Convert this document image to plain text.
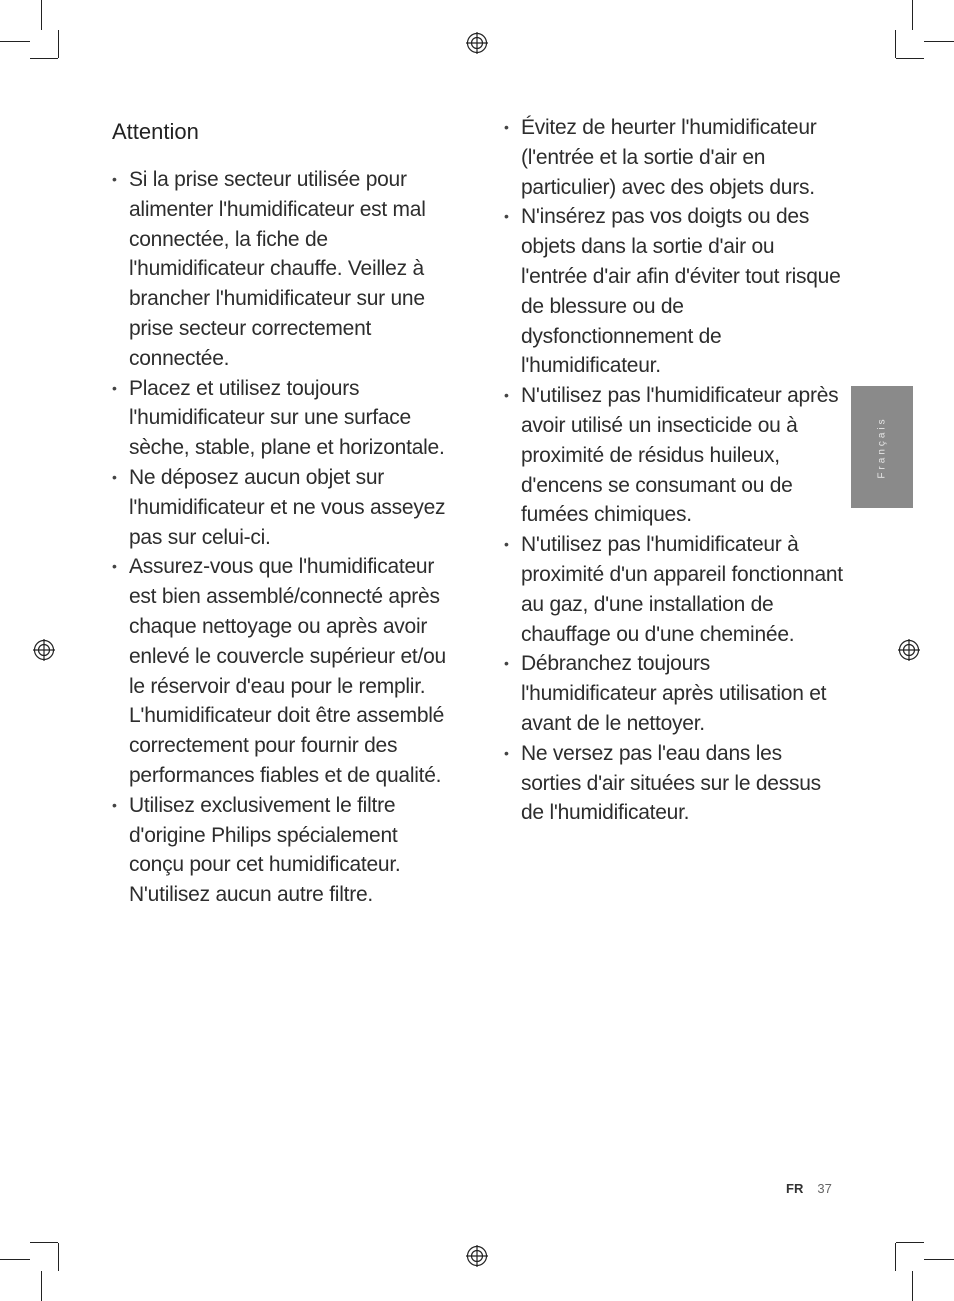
Attention
• Si la prise secteur utilisée pour alimenter l'humidificateur est mal connectée, la fiche de l'humidificateur chauffe. Veillez à brancher l'humidificateur sur une prise secteur correctement connectée.
• Placez et utilisez toujours l'humidificateur sur une surface sèche, stable, plane et horizontale.
• Ne déposez aucun objet sur l'humidificateur et ne vous asseyez pas sur celui-ci.
• Assurez-vous que l'humidificateur est bien assemblé/connecté après chaque nettoyage ou après avoir enlevé le couvercle supérieur et/ou le réservoir d'eau pour le remplir. L'humidificateur doit être assemblé correctement pour fournir des performances fiables et de qualité.
• Utilisez exclusivement le filtre d'origine Philips spécialement conçu pour cet humidificateur. N'utilisez aucun autre filtre.
• Évitez de heurter l'humidificateur (l'entrée et la sortie d'air en particulier) avec des objets durs.
• N'insérez pas vos doigts ou des objets dans la sortie d'air ou l'entrée d'air afin d'éviter tout risque de blessure ou de dysfonctionnement de l'humidificateur.
• N'utilisez pas l'humidificateur après avoir utilisé un insecticide ou à proximité de résidus huileux, d'encens se consumant ou de fumées chimiques.
• N'utilisez pas l'humidificateur à proximité d'un appareil fonctionnant au gaz, d'une installation de chauffage ou d'une cheminée.
• Débranchez toujours l'humidificateur après utilisation et avant de le nettoyer.
• Ne versez pas l'eau dans les sorties d'air situées sur le dessus de l'humidificateur.
Français
FR 37
